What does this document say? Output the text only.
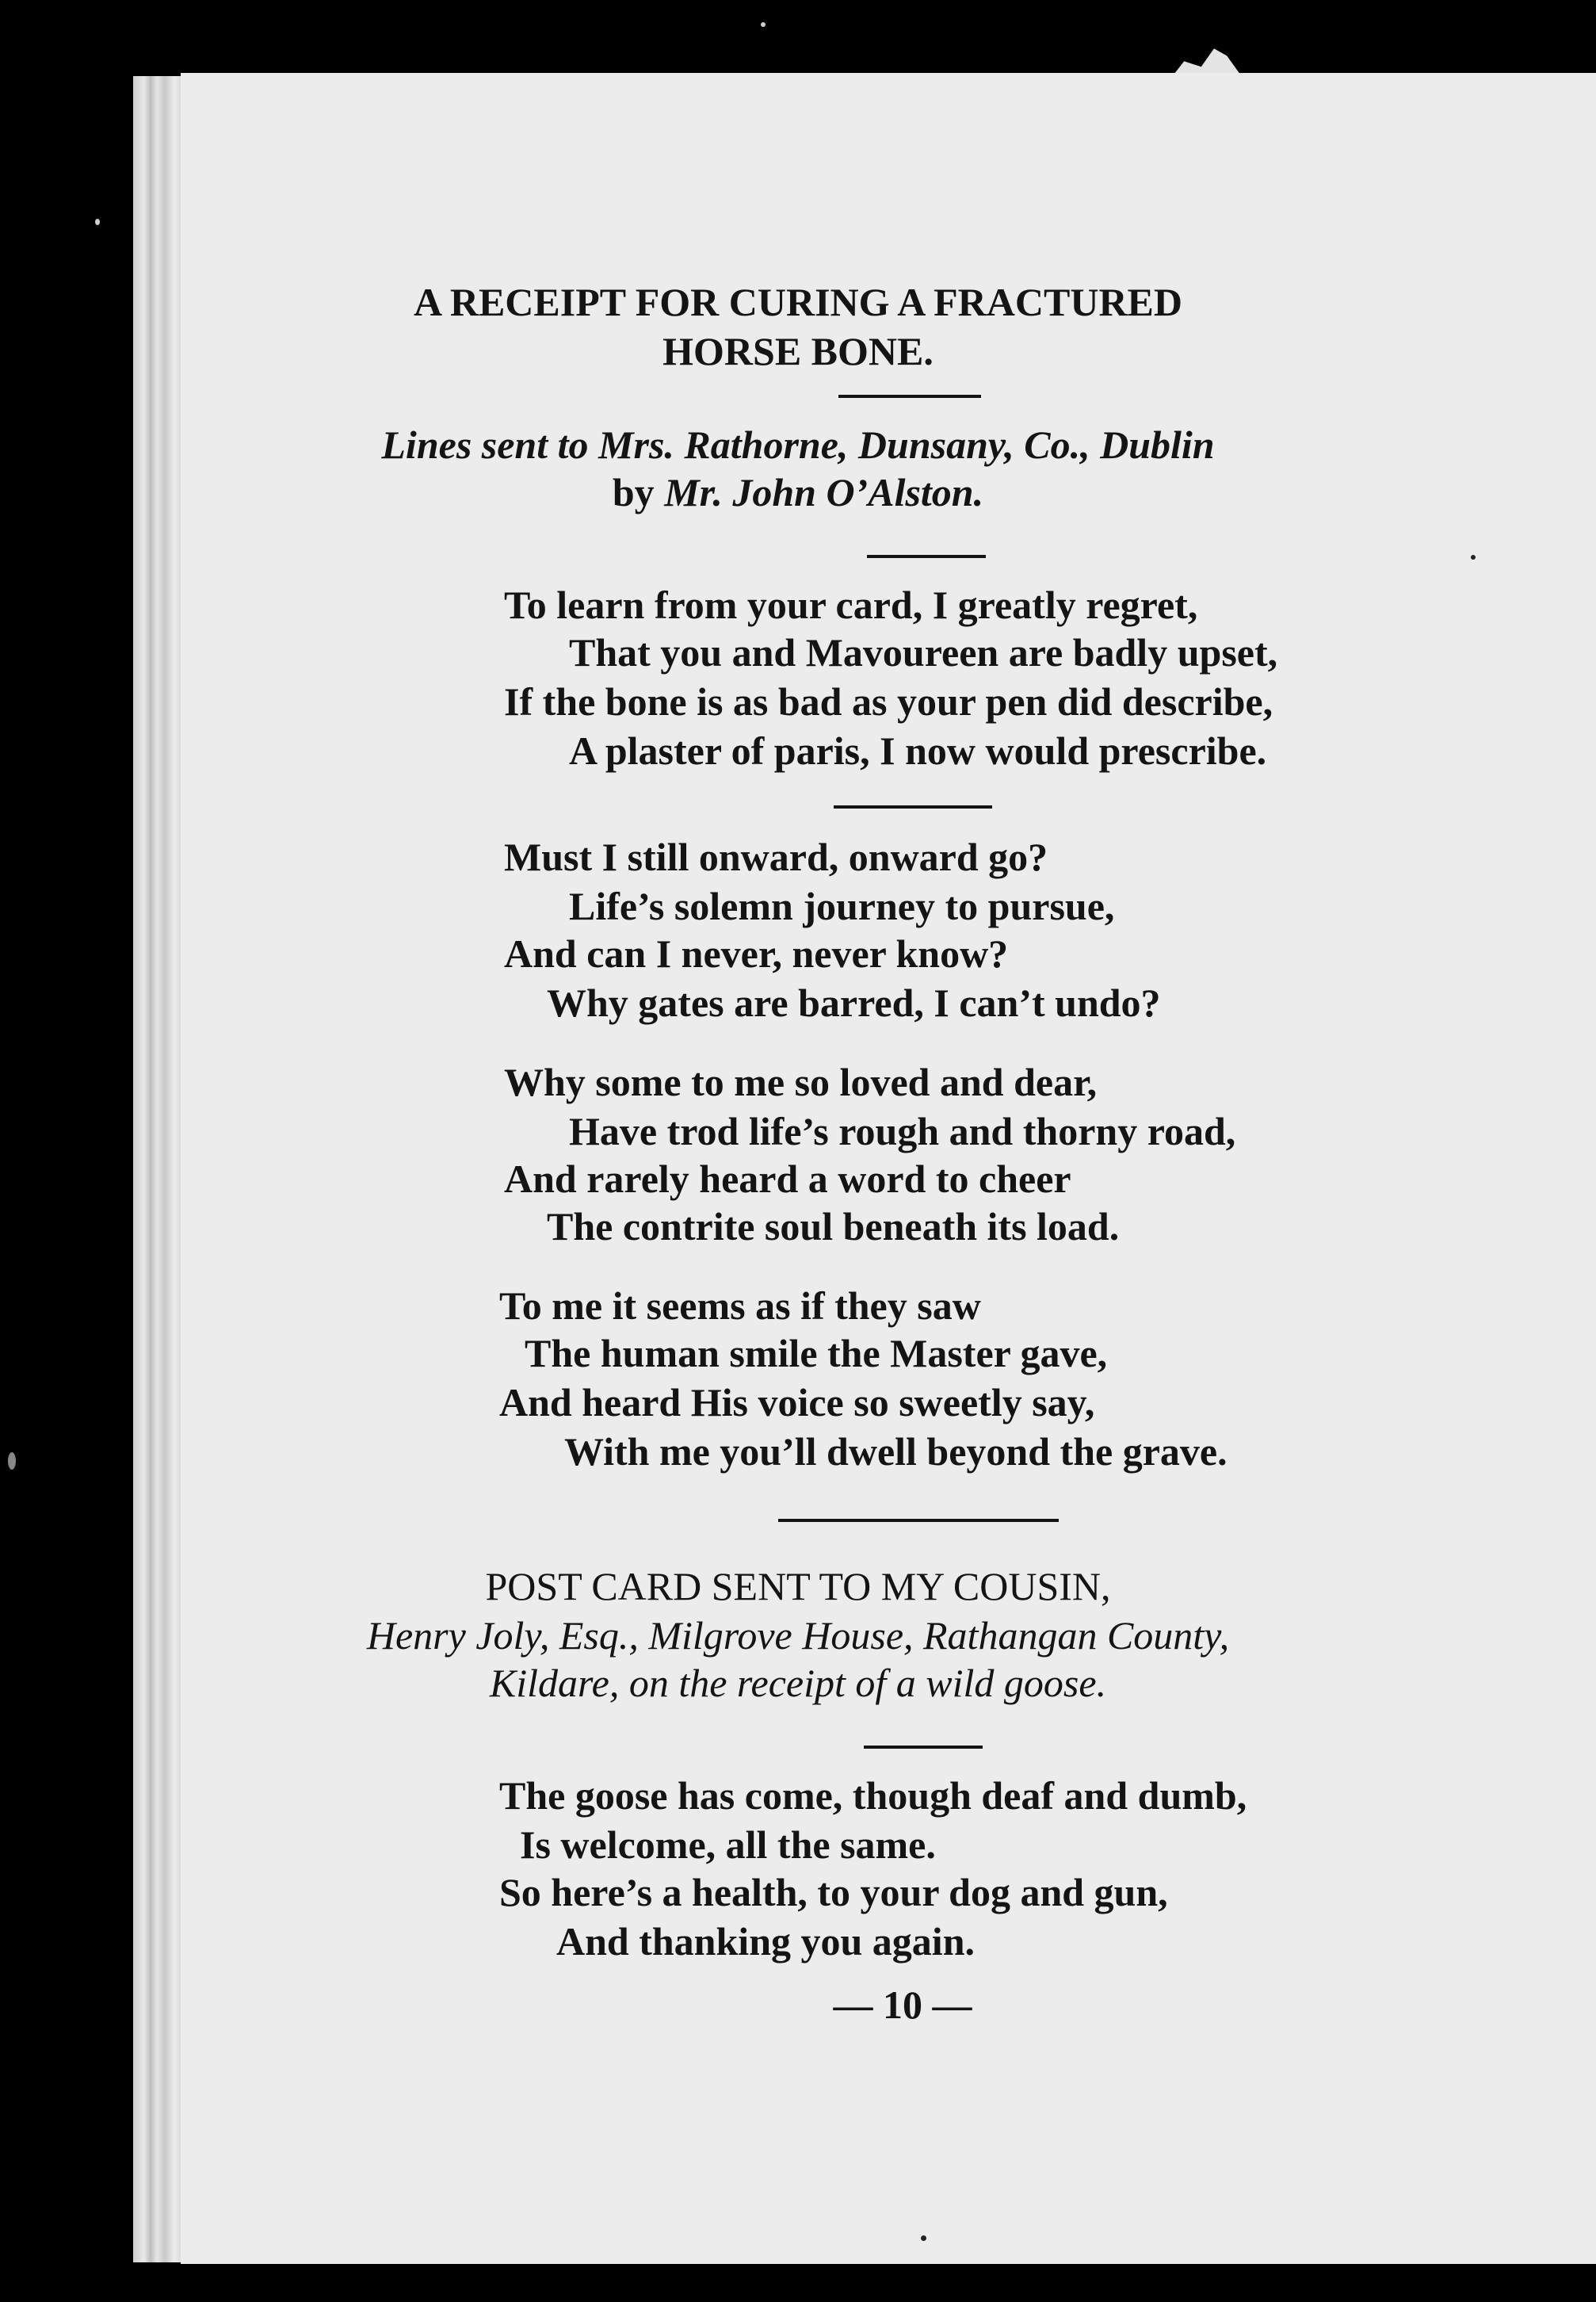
A RECEIPT FOR CURING A FRACTURED
HORSE BONE.
Lines sent to Mrs. Rathorne, Dunsany, Co., Dublin
by Mr. John O’Alston.
To learn from your card, I greatly regret,
That you and Mavoureen are badly upset,
If the bone is as bad as your pen did describe,
A plaster of paris, I now would prescribe.
Must I still onward, onward go?
Life’s solemn journey to pursue,
And can I never, never know?
Why gates are barred, I can’t undo?
Why some to me so loved and dear,
Have trod life’s rough and thorny road,
And rarely heard a word to cheer
The contrite soul beneath its load.
To me it seems as if they saw
The human smile the Master gave,
And heard His voice so sweetly say,
With me you’ll dwell beyond the grave.
POST CARD SENT TO MY COUSIN,
Henry Joly, Esq., Milgrove House, Rathangan County,
Kildare, on the receipt of a wild goose.
The goose has come, though deaf and dumb,
Is welcome, all the same.
So here’s a health, to your dog and gun,
And thanking you again.
— 10 —
